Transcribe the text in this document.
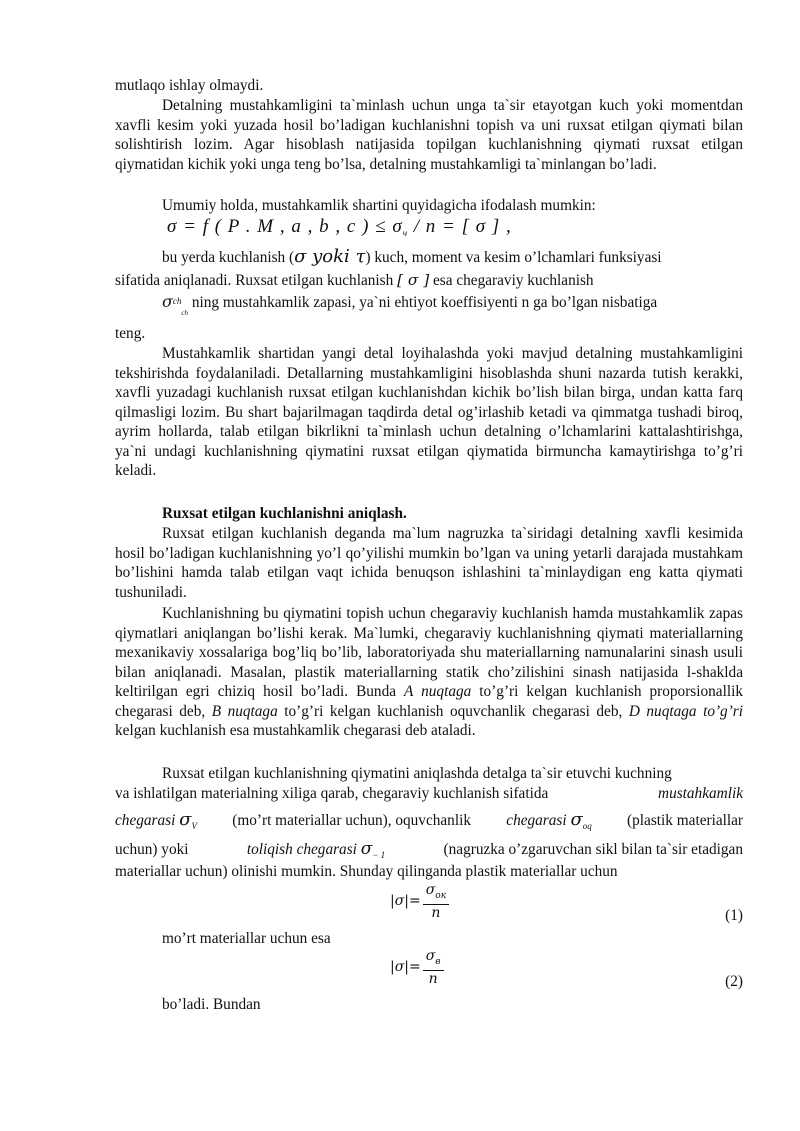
mutlaqo ishlay olmaydi.
Detalning mustahkamligini ta`minlash uchun unga ta`sir etayotgan kuch yoki momentdan xavfli kesim yoki yuzada hosil bo’ladigan kuchlanishni topish va uni ruxsat etilgan qiymati bilan solishtirish lozim. Agar hisoblash natijasida topilgan kuchlanishning qiymati ruxsat etilgan qiymatidan kichik yoki unga teng bo’lsa, detalning mustahkamligi ta`minlangan bo’ladi.
Umumiy holda, mustahkamlik shartini quyidagicha ifodalash mumkin:
σ = f ( P . M , a , b , c ) ≤ $\sigma_ч$ / n = [ σ ] ,
bu yerda kuchlanish (σ yoki τ) kuch, moment va kesim o’lchamlari funksiyasi
sifatida aniqlanadi. Ruxsat etilgan kuchlanish [ σ ] esa chegaraviy kuchlanish
$\sigma^{ch}_{ch}$ ning mustahkamlik zapasi, ya`ni ehtiyot koeffisiyenti n ga bo’lgan nisbatiga
teng.
Mustahkamlik shartidan yangi detal loyihalashda yoki mavjud detalning mustahkamligini tekshirishda foydalaniladi. Detallarning mustahkamligini hisoblashda shuni nazarda tutish kerakki, xavfli yuzadagi kuchlanish ruxsat etilgan kuchlanishdan kichik bo’lish bilan birga, undan katta farq qilmasligi lozim. Bu shart bajarilmagan taqdirda detal og’irlashib ketadi va qimmatga tushadi biroq, ayrim hollarda, talab etilgan bikrlikni ta`minlash uchun detalning o’lchamlarini kattalashtirishga, ya`ni undagi kuchlanishning qiymatini ruxsat etilgan qiymatida birmuncha kamaytirishga to’g’ri keladi.
Ruxsat etilgan kuchlanishni aniqlash.
Ruxsat etilgan kuchlanish deganda ma`lum nagruzka ta`siridagi detalning xavfli kesimida hosil bo’ladigan kuchlanishning yo’l qo’yilishi mumkin bo’lgan va uning yetarli darajada mustahkam bo’lishini hamda talab etilgan vaqt ichida benuqson ishlashini ta`minlaydigan eng katta qiymati tushuniladi.
Kuchlanishning bu qiymatini topish uchun chegaraviy kuchlanish hamda mustahkamlik zapas qiymatlari aniqlangan bo’lishi kerak. Ma`lumki, chegaraviy kuchlanishning qiymati materiallarning mexanikaviy xossalariga bog’liq bo’lib, laboratoriyada shu materiallarning namunalarini sinash usuli bilan aniqlanadi. Masalan, plastik materiallarning statik cho’zilishini sinash natijasida l-shaklda keltirilgan egri chiziq hosil bo’ladi. Bunda A nuqtaga to’g’ri kelgan kuchlanish proporsionallik chegarasi deb, B nuqtaga to’g’ri kelgan kuchlanish oquvchanlik chegarasi deb, D nuqtaga to’g’ri kelgan kuchlanish esa mustahkamlik chegarasi deb ataladi.
Ruxsat etilgan kuchlanishning qiymatini aniqlashda detalga ta`sir etuvchi kuchning
va ishlatilgan materialning xiliga qarab, chegaraviy kuchlanish sifatida	mustahkamlik
chegarasi $\sigma_V$ (mo’rt materiallar uchun), oquvchanlik chegarasi $\sigma_{oq}$ (plastik materiallar
uchun) yoki	toliqish chegarasi $\sigma_{- 1}$	(nagruzka o’zgaruvchan sikl bilan ta`sir etadigan
materiallar uchun) olinishi mumkin. Shunday qilinganda plastik materiallar uchun
$|\sigma|= \frac{\sigma_{ок}}{n}$	(1)
mo’rt materiallar uchun esa
$|\sigma|= \frac{\sigma_в}{n}$	(2)
bo’ladi. Bundan
